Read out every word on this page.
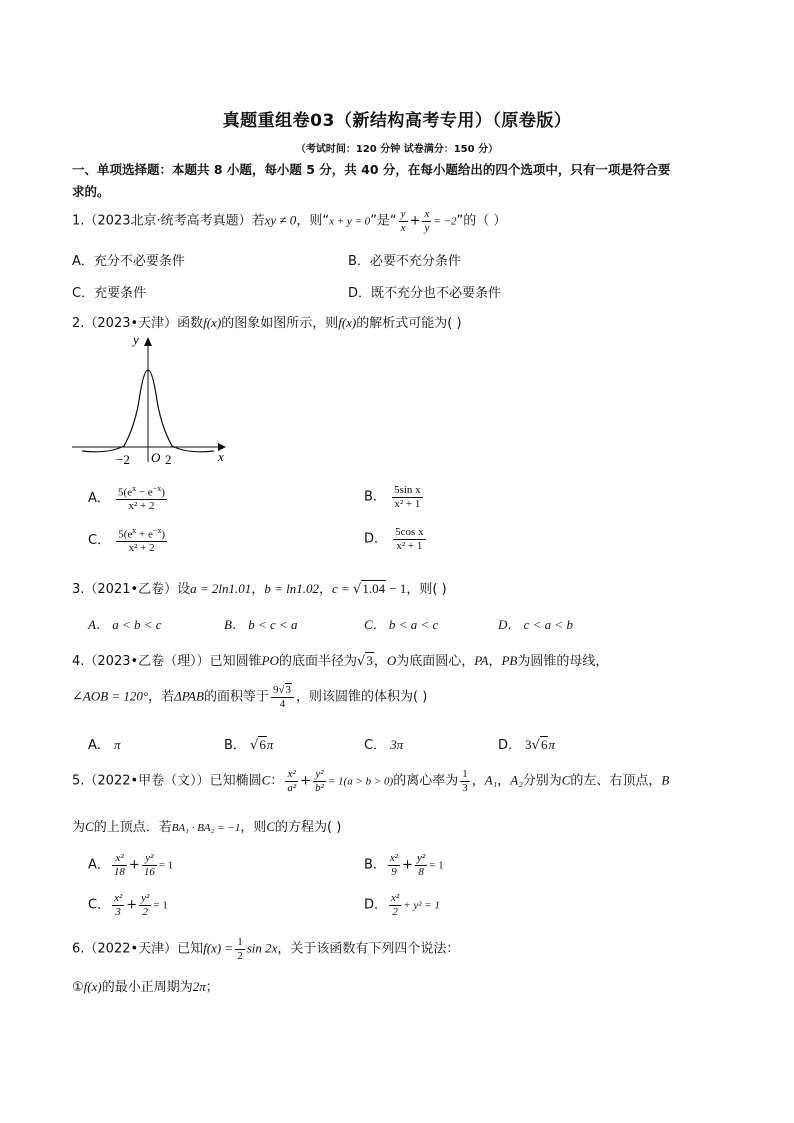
真题重组卷03（新结构高考专用）（原卷版）
（考试时间：120 分钟 试卷满分：150 分）
一、单项选择题：本题共 8 小题，每小题 5 分，共 40 分，在每小题给出的四个选项中，只有一项是符合要
求的。
1.（2023北京·统考高考真题）若xy ≠ 0，则“x + y = 0”是“ $\frac{y}{x} + \frac{x}{y} = -2$”的（ ）
A．充分不必要条件	B．必要不充分条件
C．充要条件	D．既不充分也不必要条件
2.（2023•天津）函数f(x)的图象如图所示，则f(x)的解析式可能为( )
y
x
O
−2	2
A． $\frac{5(e^x - e^{-x})}{\text{x² + 2}}$	B． $\frac{\text{5sin x}}{\text{x² + 1}}$
C． $\frac{5(e^x + e^{-x})}{\text{x² + 2}}$	D． $\frac{\text{5cos x}}{\text{x² + 1}}$
3.（2021•乙卷）设a = 2ln1.01，b = ln1.02，c = √1.04 − 1，则( )
A． a < b < c	B． b < c < a	C． b < a < c	D． c < a < b
4.（2023•乙卷（理））已知圆锥PO的底面半径为√3，O为底面圆心，PA，PB为圆锥的母线，
∠AOB = 120°，若ΔPAB的面积等于 $\frac{9√3}{4}$ ，则该圆锥的体积为( )
A． π	B． √6π	C． 3π	D． 3√6π
5.（2022•甲卷（文））已知椭圆C： $\frac{\text{x²}}{\text{a²}} + \frac{\text{y²}}{\text{b²}} = 1(a > b > 0)$的离心率为 $\frac{1}{3}$ ，A₁，A₂分别为C的左、右顶点，B
为C的上顶点．若BA₁ · BA₂ = −1，则C的方程为( )
A． $\frac{\text{x²}}{18} + \frac{\text{y²}}{16} = 1$	B． $\frac{\text{x²}}{9} + \frac{\text{y²}}{8} = 1$
C． $\frac{\text{x²}}{3} + \frac{\text{y²}}{2} = 1$	D． $\frac{\text{x²}}{2} + y^2 = 1$
6.（2022•天津）已知$f(x) = \frac{1}{2}$ sin 2x，关于该函数有下列四个说法：
①f(x)的最小正周期为2π；
